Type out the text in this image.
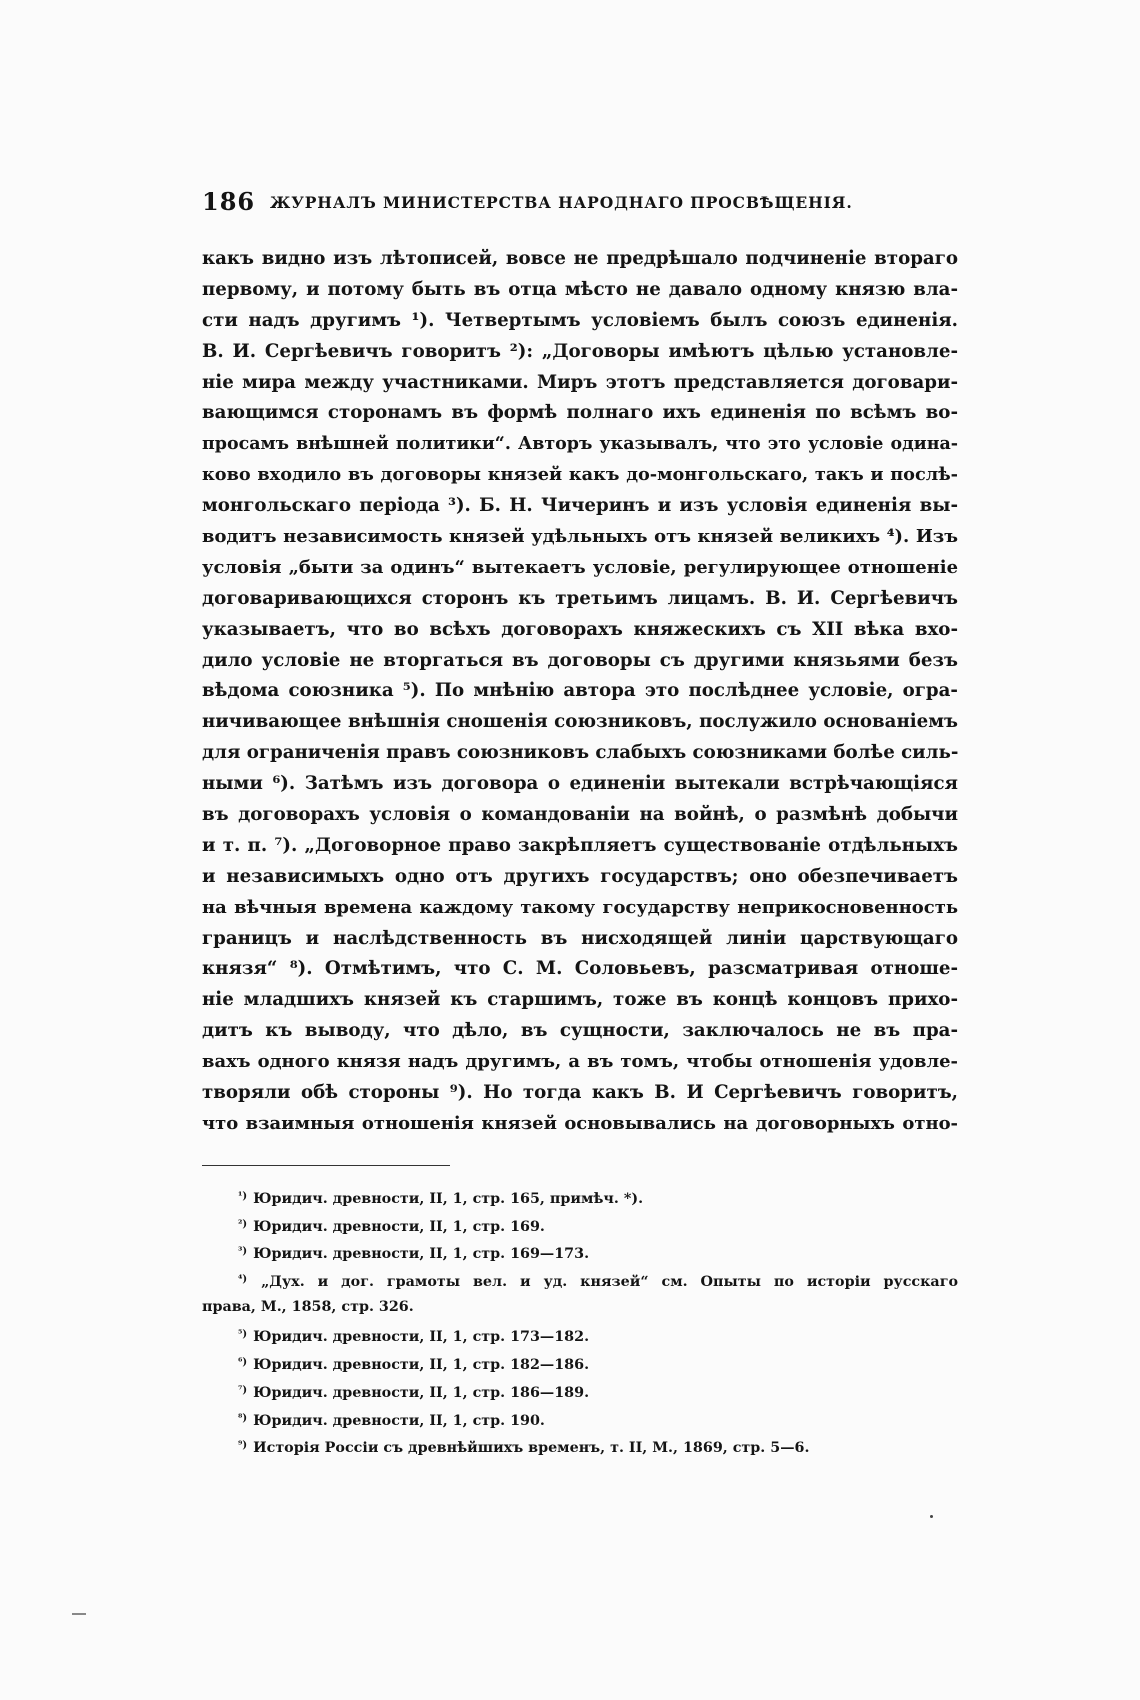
186 ЖУРНАЛЪ МИНИСТЕРСТВА НАРОДНАГО ПРОСВѢЩЕНІЯ.
какъ видно изъ лѣтописей, вовсе не предрѣшало подчиненіе втораго
первому, и потому быть въ отца мѣсто не давало одному князю вла-
сти надъ другимъ ¹). Четвертымъ условіемъ былъ союзъ единенія.
В. И. Сергѣевичъ говоритъ ²): „Договоры имѣютъ цѣлью установле-
ніе мира между участниками. Миръ этотъ представляется договари-
вающимся сторонамъ въ формѣ полнаго ихъ единенія по всѣмъ во-
просамъ внѣшней политики“. Авторъ указывалъ, что это условіе одина-
ково входило въ договоры князей какъ до-монгольскаго, такъ и послѣ-
монгольскаго періода ³). Б. Н. Чичеринъ и изъ условія единенія вы-
водитъ независимость князей удѣльныхъ отъ князей великихъ ⁴). Изъ
условія „быти за одинъ“ вытекаетъ условіе, регулирующее отношеніе
договаривающихся сторонъ къ третьимъ лицамъ. В. И. Сергѣевичъ
указываетъ, что во всѣхъ договорахъ княжескихъ съ XII вѣка вхо-
дило условіе не вторгаться въ договоры съ другими князьями безъ
вѣдома союзника ⁵). По мнѣнію автора это послѣднее условіе, огра-
ничивающее внѣшнія сношенія союзниковъ, послужило основаніемъ
для ограниченія правъ союзниковъ слабыхъ союзниками болѣе силь-
ными ⁶). Затѣмъ изъ договора о единеніи вытекали встрѣчающіяся
въ договорахъ условія о командованіи на войнѣ, о размѣнѣ добычи
и т. п. ⁷). „Договорное право закрѣпляетъ существованіе отдѣльныхъ
и независимыхъ одно отъ другихъ государствъ; оно обезпечиваетъ
на вѣчныя времена каждому такому государству неприкосновенность
границъ и наслѣдственность въ нисходящей линіи царствующаго
князя“ ⁸). Отмѣтимъ, что С. М. Соловьевъ, разсматривая отноше-
ніе младшихъ князей къ старшимъ, тоже въ концѣ концовъ прихо-
дитъ къ выводу, что дѣло, въ сущности, заключалось не въ пра-
вахъ одного князя надъ другимъ, а въ томъ, чтобы отношенія удовле-
творяли обѣ стороны ⁹). Но тогда какъ В. И Сергѣевичъ говоритъ,
что взаимныя отношенія князей основывались на договорныхъ отно-
$^{^1)}$ Юридич. древности, II, 1, стр. 165, примѣч. *).
$^{^2)}$ Юридич. древности, II, 1, стр. 169.
$^{^3)}$ Юридич. древности, II, 1, стр. 169—173.
$^{^4)}$ „Дух. и дог. грамоты вел. и уд. князей“ см. Опыты по исторіи русскаго
права, М., 1858, стр. 326.
$^{^5)}$ Юридич. древности, II, 1, стр. 173—182.
$^{^6)}$ Юридич. древности, II, 1, стр. 182—186.
$^{^7)}$ Юридич. древности, II, 1, стр. 186—189.
$^{^8)}$ Юридич. древности, II, 1, стр. 190.
$^{^9)}$ Исторія Россіи съ древнѣйшихъ временъ, т. II, М., 1869, стр. 5—6.
